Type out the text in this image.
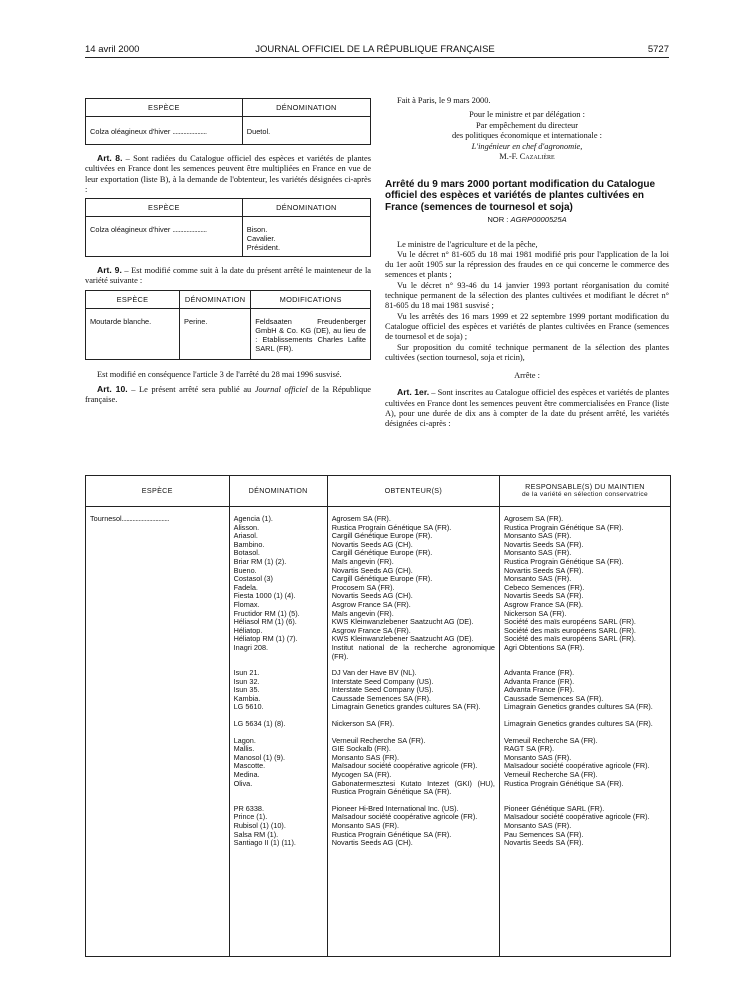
14 avril 2000	JOURNAL OFFICIEL DE LA RÉPUBLIQUE FRANÇAISE	5727
ESPÈCE	DÉNOMINATION
Colza oléagineux d'hiver ......................	Duetol.

Art. 8. – Sont radiées du Catalogue officiel des espèces et variétés de plantes cultivées en France dont les semences peuvent être multipliées en France en vue de leur exportation (liste B), à la demande de l'obtenteur, les variétés désignées ci-après :

ESPÈCE	DÉNOMINATION
Colza oléagineux d'hiver ......................	Bison.
Cavalier.
Président.

Art. 9. – Est modifié comme suit à la date du présent arrêté le mainteneur de la variété suivante :

ESPÈCE	DÉNOMINATION	MODIFICATIONS
Moutarde blanche.	Perine.	Feldsaaten Freudenberger GmbH & Co. KG (DE), au lieu de : Etablissements Charles Lafite SARL (FR).

Est modifié en conséquence l'article 3 de l'arrêté du 28 mai 1996 susvisé.

Art. 10. – Le présent arrêté sera publié au Journal officiel de la République française.

Fait à Paris, le 9 mars 2000.

Pour le ministre et par délégation :
Par empêchement du directeur
des politiques économique et internationale :
L'ingénieur en chef d'agronomie,
M.-F. Cazalière

Arrêté du 9 mars 2000 portant modification du Catalogue officiel des espèces et variétés de plantes cultivées en France (semences de tournesol et soja)

NOR : AGRP0000525A

Le ministre de l'agriculture et de la pêche,

Vu le décret n° 81-605 du 18 mai 1981 modifié pris pour l'application de la loi du 1er août 1905 sur la répression des fraudes en ce qui concerne le commerce des semences et plants ;

Vu le décret n° 93-46 du 14 janvier 1993 portant réorganisation du comité technique permanent de la sélection des plantes cultivées et modifiant le décret n° 81-605 du 18 mai 1981 susvisé ;

Vu les arrêtés des 16 mars 1999 et 22 septembre 1999 portant modification du Catalogue officiel des espèces et variétés de plantes cultivées en France (semences de tournesol et de soja) ;

Sur proposition du comité technique permanent de la sélection des plantes cultivées (section tournesol, soja et ricin),

Arrête :

Art. 1er. – Sont inscrites au Catalogue officiel des espèces et variétés de plantes cultivées en France dont les semences peuvent être commercialisées en France (liste A), pour une durée de dix ans à compter de la date du présent arrêté, les variétés désignées ci-après :

ESPÈCE	DÉNOMINATION	OBTENTEUR(S)	RESPONSABLE(S) DU MAINTIEN
de la variété en sélection conservatrice

Tournesol...............................	Agencia (1).	Agrosem SA (FR).	Agrosem SA (FR).
	Alisson.	Rustica Prograin Génétique SA (FR).	Rustica Prograin Génétique SA (FR).
	Ariasol.	Cargill Génétique Europe (FR).	Monsanto SAS (FR).
	Bambino.	Novartis Seeds AG (CH).	Novartis Seeds SA (FR).
	Botasol.	Cargill Génétique Europe (FR).	Monsanto SAS (FR).
	Briar RM (1) (2).	Maïs angevin (FR).	Rustica Prograin Génétique SA (FR).
	Bueno.	Novartis Seeds AG (CH).	Novartis Seeds SA (FR).
	Costasol (3)	Cargill Génétique Europe (FR).	Monsanto SAS (FR).
	Fadela.	Procosem SA (FR).	Cebeco Semences (FR).
	Fiesta 1000 (1) (4).	Novartis Seeds AG (CH).	Novartis Seeds SA (FR).
	Flomax.	Asgrow France SA (FR).	Asgrow France SA (FR).
	Fructidor RM (1) (5).	Maïs angevin (FR).	Nickerson SA (FR).
	Héliasol RM (1) (6).	KWS Kleinwanzlebener Saatzucht AG (DE).	Société des maïs européens SARL (FR).
	Héliatop.	Asgrow France SA (FR).	Société des maïs européens SARL (FR).
	Héliatop RM (1) (7).	KWS Kleinwanzlebener Saatzucht AG (DE).	Société des maïs européens SARL (FR).
	Inagri 208.	Institut national de la recherche agronomique (FR).	Agri Obtentions SA (FR).

	Isun 21.	DJ Van der Have BV (NL).	Advanta France (FR).
	Isun 32.	Interstate Seed Company (US).	Advanta France (FR).
	Isun 35.	Interstate Seed Company (US).	Advanta France (FR).
	Kambia.	Caussade Semences SA (FR).	Caussade Semences SA (FR).
	LG 5610.	Limagrain Genetics grandes cultures SA (FR).	Limagrain Genetics grandes cultures SA (FR).

	LG 5634 (1) (8).	Nickerson SA (FR).	Limagrain Genetics grandes cultures SA (FR).

	Lagon.	Verneuil Recherche SA (FR).	Verneuil Recherche SA (FR).
	Mallis.	GIE Sockalb (FR).	RAGT SA (FR).
	Manosol (1) (9).	Monsanto SAS (FR).	Monsanto SAS (FR).
	Mascotte.	Maïsadour société coopérative agricole (FR).	Maïsadour société coopérative agricole (FR).
	Medina.	Mycogen SA (FR).	Verneuil Recherche SA (FR).
	Oliva.	Gabonatermesztesi Kutato Intezet (GKI) (HU), Rustica Prograin Génétique SA (FR).	Rustica Prograin Génétique SA (FR).

	PR 6338.	Pioneer Hi-Bred International Inc. (US).	Pioneer Génétique SARL (FR).
	Prince (1).	Maïsadour société coopérative agricole (FR).	Maïsadour société coopérative agricole (FR).
	Rubisol (1) (10).	Monsanto SAS (FR).	Monsanto SAS (FR).
	Salsa RM (1).	Rustica Prograin Génétique SA (FR).	Pau Semences SA (FR).
	Santiago II (1) (11).	Novartis Seeds AG (CH).	Novartis Seeds SA (FR).
